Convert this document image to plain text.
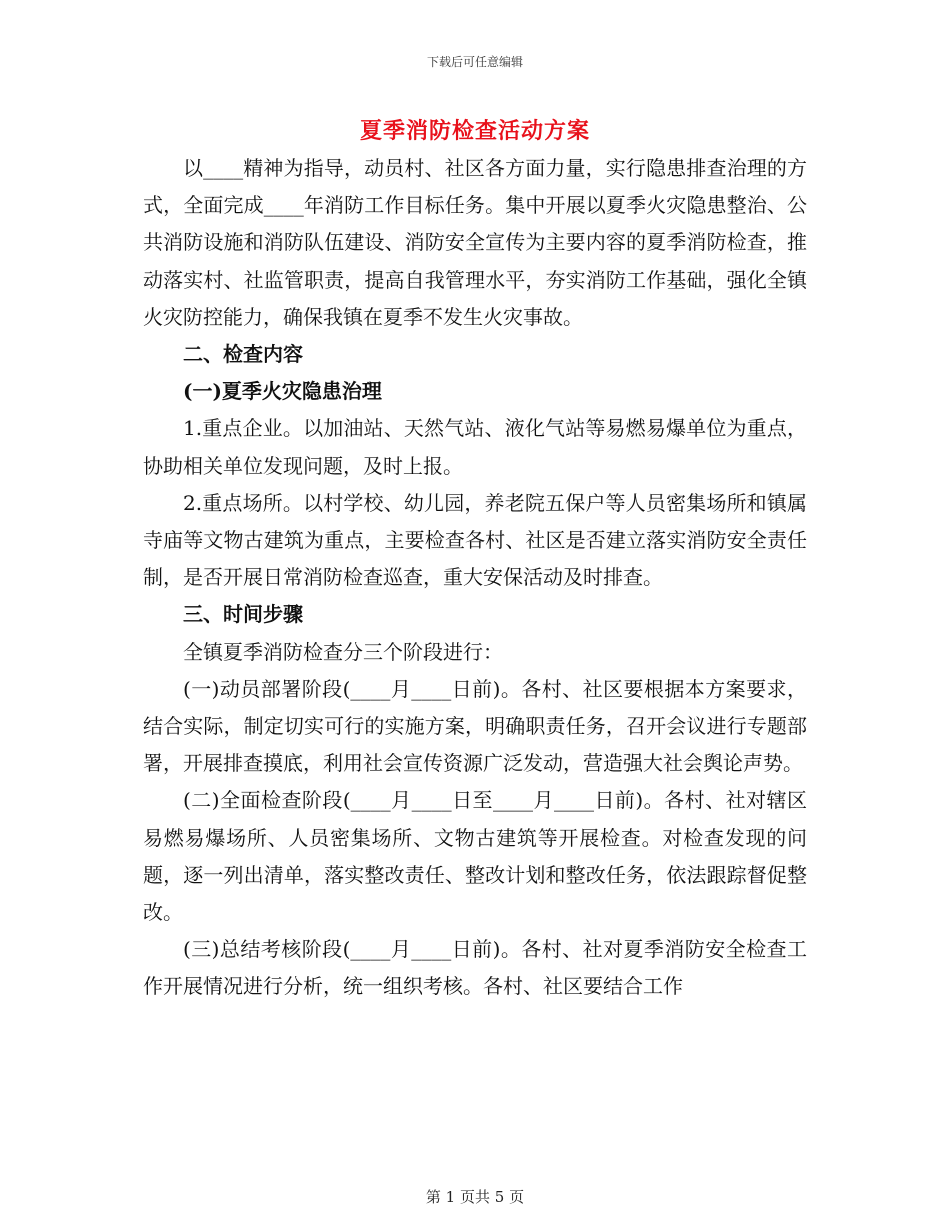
下载后可任意编辑
夏季消防检查活动方案

以____精神为指导，动员村、社区各方面力量，实行隐患排查治理的方式，全面完成____年消防工作目标任务。集中开展以夏季火灾隐患整治、公共消防设施和消防队伍建设、消防安全宣传为主要内容的夏季消防检查，推动落实村、社监管职责，提高自我管理水平，夯实消防工作基础，强化全镇火灾防控能力，确保我镇在夏季不发生火灾事故。

二、检查内容

(一)夏季火灾隐患治理

1.重点企业。以加油站、天然气站、液化气站等易燃易爆单位为重点，协助相关单位发现问题，及时上报。

2.重点场所。以村学校、幼儿园，养老院五保户等人员密集场所和镇属寺庙等文物古建筑为重点，主要检查各村、社区是否建立落实消防安全责任制，是否开展日常消防检查巡查，重大安保活动及时排查。

三、时间步骤

全镇夏季消防检查分三个阶段进行：

(一)动员部署阶段(____月____日前)。各村、社区要根据本方案要求，结合实际，制定切实可行的实施方案，明确职责任务，召开会议进行专题部署，开展排查摸底，利用社会宣传资源广泛发动，营造强大社会舆论声势。

(二)全面检查阶段(____月____日至____月____日前)。各村、社对辖区易燃易爆场所、人员密集场所、文物古建筑等开展检查。对检查发现的问题，逐一列出清单，落实整改责任、整改计划和整改任务，依法跟踪督促整改。

(三)总结考核阶段(____月____日前)。各村、社对夏季消防安全检查工作开展情况进行分析，统一组织考核。各村、社区要结合工作

第 1 页共 5 页
